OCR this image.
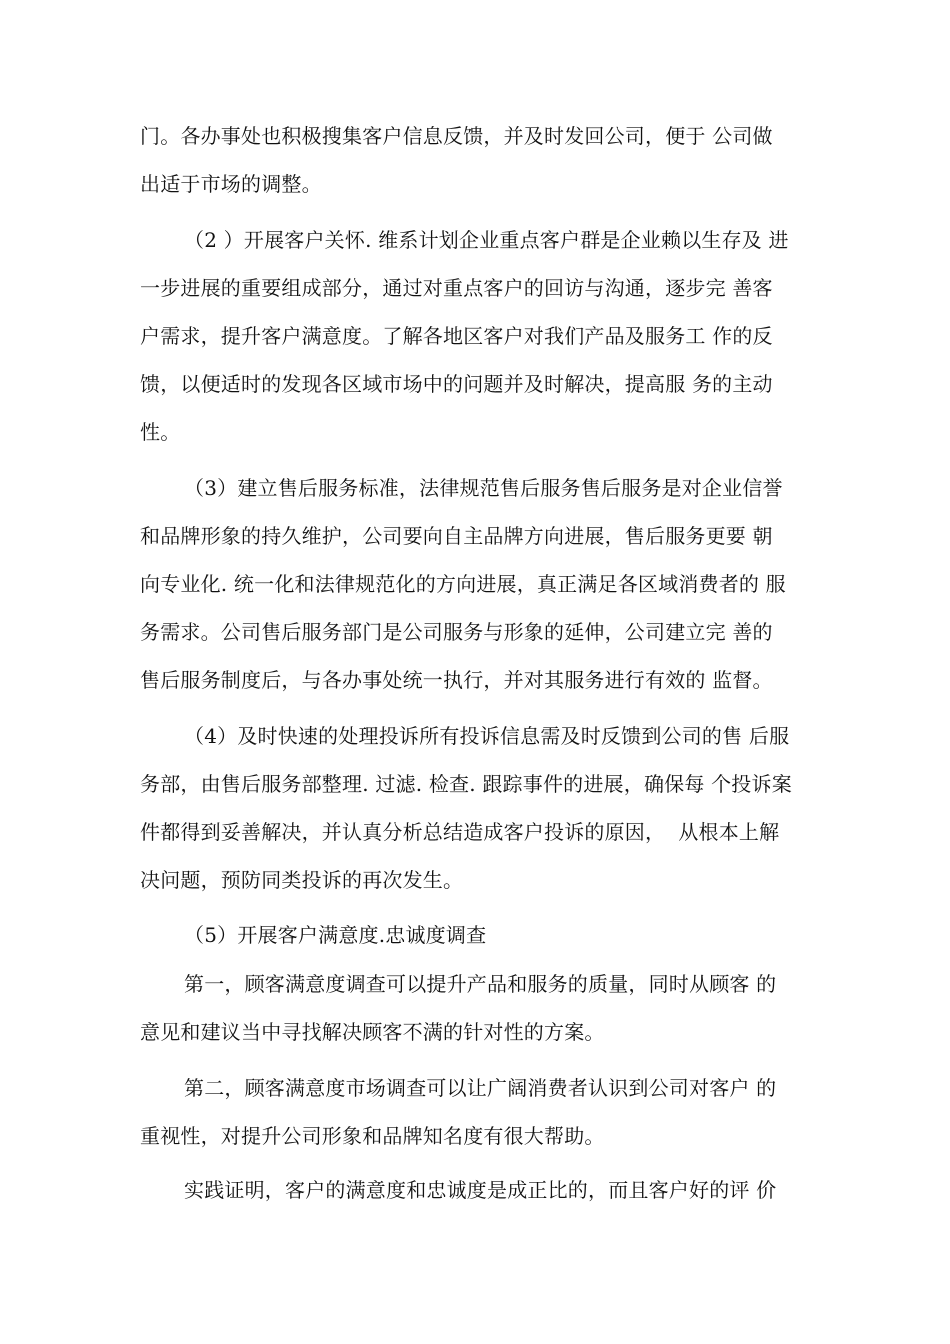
门。各办事处也积极搜集客户信息反馈，并及时发回公司，便于 公司做
出适于市场的调整。
（2 ）开展客户关怀. 维系计划企业重点客户群是企业赖以生存及 进
一步进展的重要组成部分，通过对重点客户的回访与沟通，逐步完 善客
户需求，提升客户满意度。了解各地区客户对我们产品及服务工 作的反
馈，以便适时的发现各区域市场中的问题并及时解决，提高服 务的主动
性。
（3）建立售后服务标准，法律规范售后服务售后服务是对企业信誉
和品牌形象的持久维护，公司要向自主品牌方向进展，售后服务更要 朝
向专业化. 统一化和法律规范化的方向进展，真正满足各区域消费者的 服
务需求。公司售后服务部门是公司服务与形象的延伸，公司建立完 善的
售后服务制度后，与各办事处统一执行，并对其服务进行有效的 监督。
（4）及时快速的处理投诉所有投诉信息需及时反馈到公司的售 后服
务部，由售后服务部整理. 过滤. 检查. 跟踪事件的进展，确保每 个投诉案
件都得到妥善解决，并认真分析总结造成客户投诉的原因，  从根本上解
决问题，预防同类投诉的再次发生。
（5）开展客户满意度.忠诚度调查
第一，顾客满意度调查可以提升产品和服务的质量，同时从顾客 的
意见和建议当中寻找解决顾客不满的针对性的方案。
第二，顾客满意度市场调查可以让广阔消费者认识到公司对客户 的
重视性，对提升公司形象和品牌知名度有很大帮助。
实践证明，客户的满意度和忠诚度是成正比的，而且客户好的评 价
